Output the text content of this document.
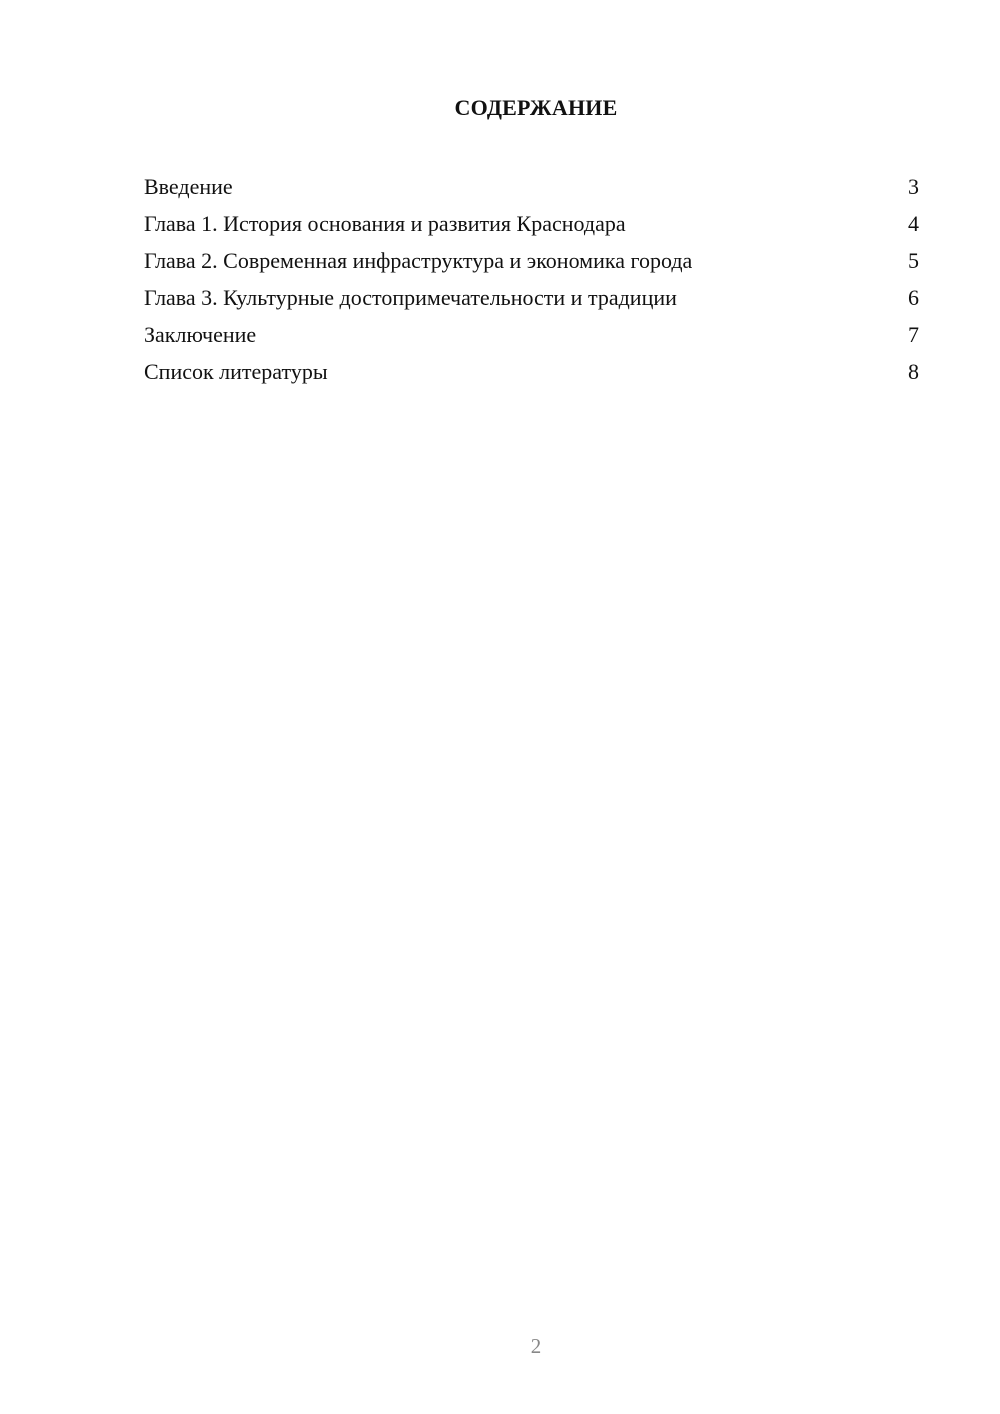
СОДЕРЖАНИЕ
Введение	3
Глава 1. История основания и развития Краснодара	4
Глава 2. Современная инфраструктура и экономика города	5
Глава 3. Культурные достопримечательности и традиции	6
Заключение	7
Список литературы	8
2
